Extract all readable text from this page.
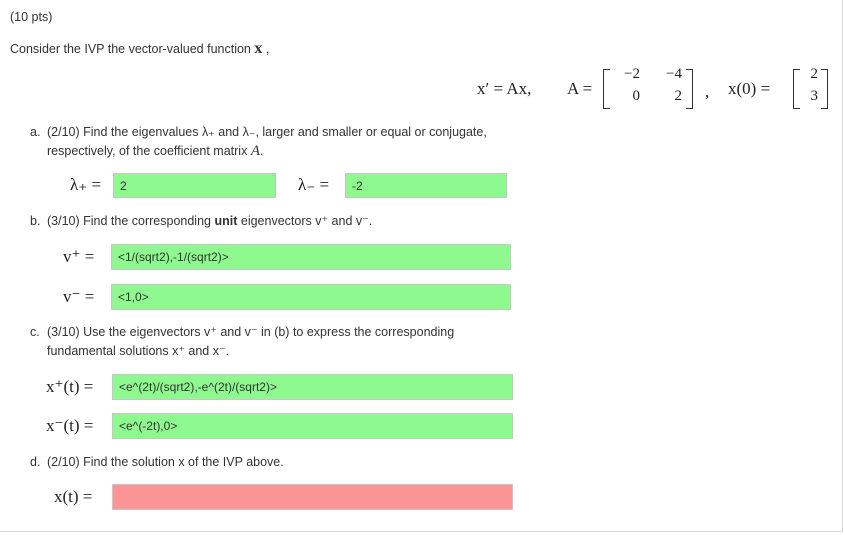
(10 pts)
Consider the IVP the vector-valued function x ,
x′ = Ax, A =
−2	−4
0	2 , x(0) =
2
3
a. (2/10) Find the eigenvalues λ₊ and λ₋, larger and smaller or equal or conjugate,
respectively, of the coefficient matrix A.
λ₊ =	2	λ₋ =	-2
b. (3/10) Find the corresponding unit eigenvectors v⁺ and v⁻.
v⁺ =	<1/(sqrt2),-1/(sqrt2)>
v⁻ =	<1,0>
c. (3/10) Use the eigenvectors v⁺ and v⁻ in (b) to express the corresponding
fundamental solutions x⁺ and x⁻.
x⁺(t) =	<e^(2t)/(sqrt2),-e^(2t)/(sqrt2)>
x⁻(t) =	<e^(-2t),0>
d. (2/10) Find the solution x of the IVP above.
x(t) =
